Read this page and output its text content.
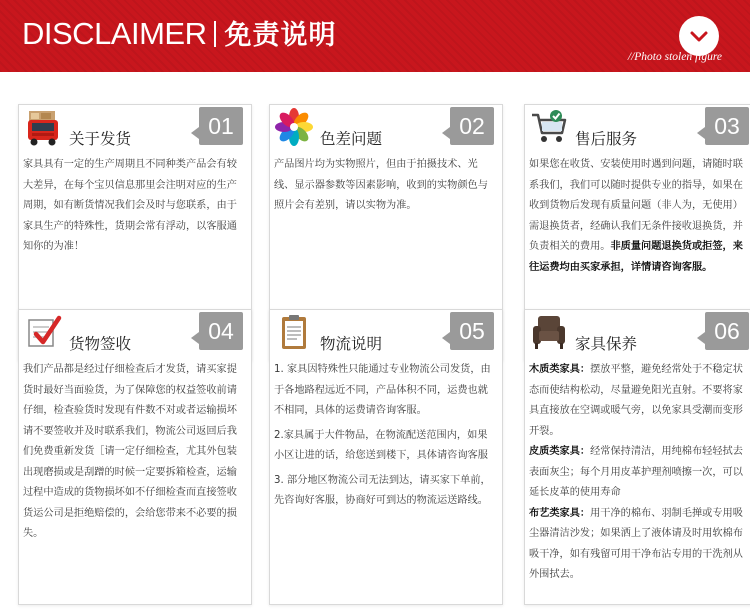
DISCLAIMER 免责说明
//Photo stolen figure
关于发货	01

家具具有一定的生产周期且不同种类产品会有较大差异，在每个宝贝信息那里会注明对应的生产周期，如有断货情况我们会及时与您联系，由于家具生产的特殊性，货期会常有浮动，以客服通知你的为准！

色差问题	02

产品图片均为实物照片，但由于拍摄技术、光线、显示器参数等因素影响，收到的实物颜色与照片会有差别，请以实物为准。

售后服务	03

如果您在收货、安装使用时遇到问题，请随时联系我们，我们可以随时提供专业的指导，如果在收到货物后发现有质量问题（非人为，无使用）需退换货者，经确认我们无条件接收退换货，并负责相关的费用。非质量问题退换货或拒签，来往运费均由买家承担，详情请咨询客服。

货物签收	04

我们产品都是经过仔细检查后才发货，请买家提货时最好当面验货，为了保障您的权益签收前请仔细，检查验货时发现有件数不对或者运输损坏请不要签收并及时联系我们，物流公司返回后我们免费重新发货［请一定仔细检查，尤其外包装出现磨损或是刮蹭的时候一定要拆箱检查，运输过程中造成的货物损坏如不仔细检查而直接签收货运公司是拒绝赔偿的，会给您带来不必要的损失。

物流说明	05

1. 家具因特殊性只能通过专业物流公司发货，由于各地路程远近不同，产品体积不同，运费也就不相同，具体的运费请咨询客服。

2.家具属于大件物品，在物流配送范围内，如果小区让进的话，给您送到楼下，具体请咨询客服

3. 部分地区物流公司无法到达，请买家下单前，先咨询好客服，协商好可到达的物流运送路线。

家具保养	06

木质类家具：摆放平整，避免经常处于不稳定状态而使结构松动，尽量避免阳光直射。不要将家具直接放在空调或暖气旁，以免家具受潮而变形开裂。

皮质类家具：经常保持清洁，用纯棉布轻轻拭去表面灰尘；每个月用皮革护理剂喷擦一次，可以延长皮革的使用寿命

布艺类家具：用干净的棉布、羽制毛掸或专用吸尘器清洁沙发；如果洒上了液体请及时用软棉布吸干净，如有残留可用干净布沾专用的干洗剂从外围拭去。
